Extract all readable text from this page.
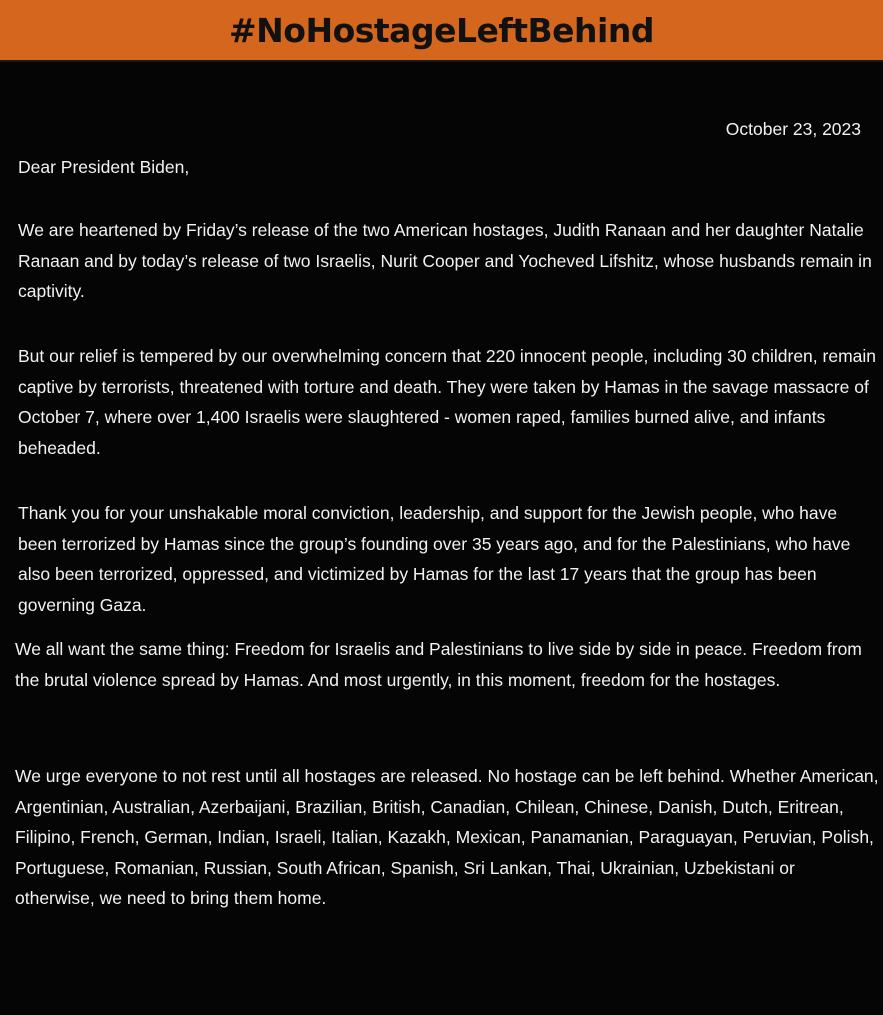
#NoHostageLeftBehind
October 23, 2023

Dear President Biden,

We are heartened by Friday’s release of the two American hostages, Judith Ranaan and her daughter Natalie Ranaan and by today’s release of two Israelis, Nurit Cooper and Yocheved Lifshitz, whose husbands remain in captivity.

But our relief is tempered by our overwhelming concern that 220 innocent people, including 30 children, remain captive by terrorists, threatened with torture and death. They were taken by Hamas in the savage massacre of October 7, where over 1,400 Israelis were slaughtered - women raped, families burned alive, and infants beheaded.

Thank you for your unshakable moral conviction, leadership, and support for the Jewish people, who have been terrorized by Hamas since the group’s founding over 35 years ago, and for the Palestinians, who have also been terrorized, oppressed, and victimized by Hamas for the last 17 years that the group has been governing Gaza.

We all want the same thing: Freedom for Israelis and Palestinians to live side by side in peace. Freedom from the brutal violence spread by Hamas. And most urgently, in this moment, freedom for the hostages.

We urge everyone to not rest until all hostages are released. No hostage can be left behind. Whether American, Argentinian, Australian, Azerbaijani, Brazilian, British, Canadian, Chilean, Chinese, Danish, Dutch, Eritrean, Filipino, French, German, Indian, Israeli, Italian, Kazakh, Mexican, Panamanian, Paraguayan, Peruvian, Polish, Portuguese, Romanian, Russian, South African, Spanish, Sri Lankan, Thai, Ukrainian, Uzbekistani or otherwise, we need to bring them home.
